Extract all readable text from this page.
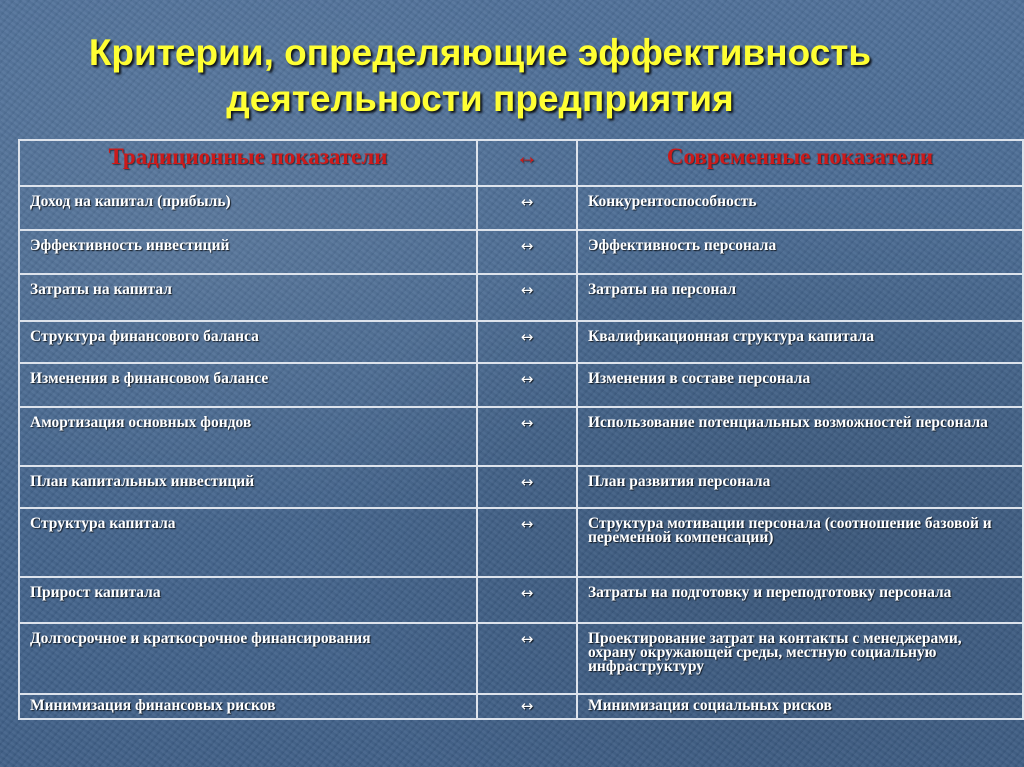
Критерии, определяющие эффективность
деятельности предприятия
Традиционные показатели	↔	Современные показатели
Доход на капитал (прибыль)	↔	Конкурентоспособность
Эффективность инвестиций	↔	Эффективность персонала
Затраты на капитал	↔	Затраты на персонал
Структура финансового баланса	↔	Квалификационная структура капитала
Изменения в финансовом балансе	↔	Изменения в составе персонала
Амортизация основных фондов	↔	Использование потенциальных возможностей персонала
План капитальных инвестиций	↔	План развития персонала
Структура капитала	↔	Структура мотивации персонала (соотношение базовой и переменной компенсации)
Прирост капитала	↔	Затраты на подготовку и переподготовку персонала
Долгосрочное и краткосрочное финансирования	↔	Проектирование затрат на контакты с менеджерами, охрану окружающей среды, местную социальную инфраструктуру
Минимизация финансовых рисков	↔	Минимизация социальных рисков
